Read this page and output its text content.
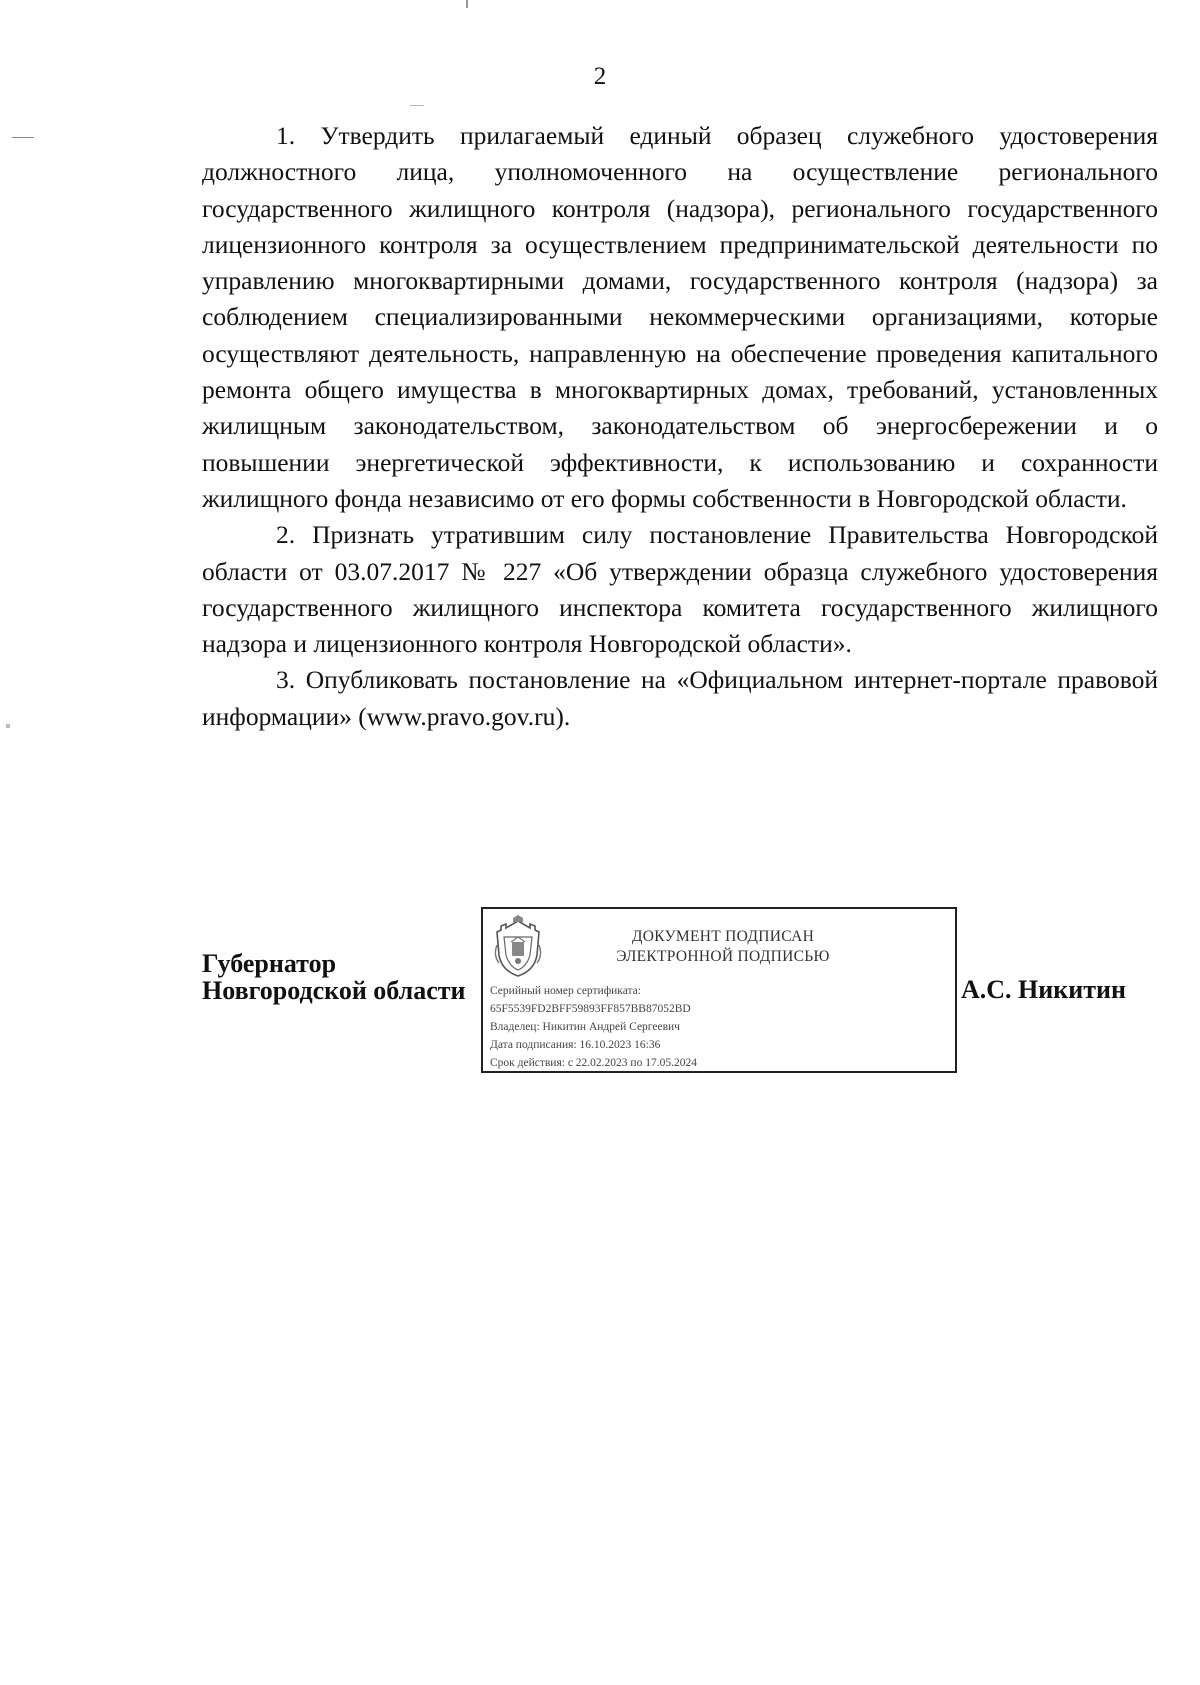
2

1. Утвердить прилагаемый единый образец служебного удостоверения должностного лица, уполномоченного на осуществление регионального государственного жилищного контроля (надзора), регионального государственного лицензионного контроля за осуществлением предпринимательской деятельности по управлению многоквартирными домами, государственного контроля (надзора) за соблюдением специализированными некоммерческими организациями, которые осуществляют деятельность, направленную на обеспечение проведения капитального ремонта общего имущества в многоквартирных домах, требований, установленных жилищным законодательством, законодательством об энергосбережении и о повышении энергетической эффективности, к использованию и сохранности жилищного фонда независимо от его формы собственности в Новгородской области.

2. Признать утратившим силу постановление Правительства Новгородской области от 03.07.2017 № 227 «Об утверждении образца служебного удостоверения государственного жилищного инспектора комитета государственного жилищного надзора и лицензионного контроля Новгородской области».

3. Опубликовать постановление на «Официальном интернет-портале правовой информации» (www.pravo.gov.ru).

Губернатор
Новгородской области
ДОКУМЕНТ ПОДПИСАН
ЭЛЕКТРОННОЙ ПОДПИСЬЮ
Серийный номер сертификата:
65F5539FD2BFF59893FF857BB87052BD
Владелец: Никитин Андрей Сергеевич
Дата подписания: 16.10.2023 16:36
Срок действия: с 22.02.2023 по 17.05.2024
А.С. Никитин
